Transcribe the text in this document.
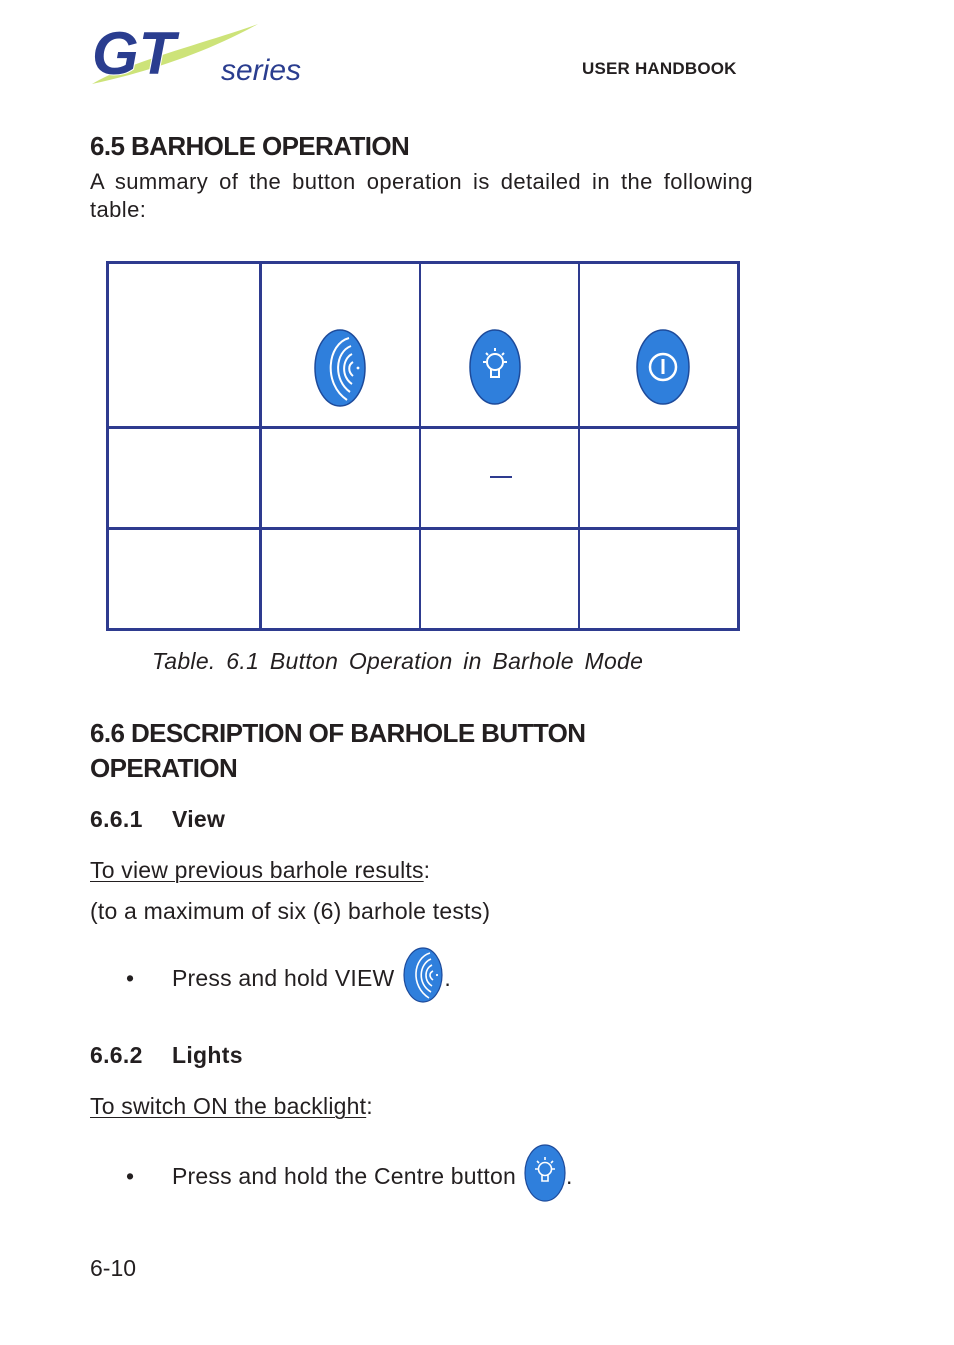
GT series	USER HANDBOOK
6.5 BARHOLE OPERATION
A summary of the button operation is detailed in the following table:
Table. 6.1 Button Operation in Barhole Mode
6.6 DESCRIPTION OF BARHOLE BUTTON OPERATION
6.6.1 View
To view previous barhole results:
(to a maximum of six (6) barhole tests)
•	Press and hold VIEW .
6.6.2 Lights
To switch ON the backlight:
•	Press and hold the Centre button .
6-10
